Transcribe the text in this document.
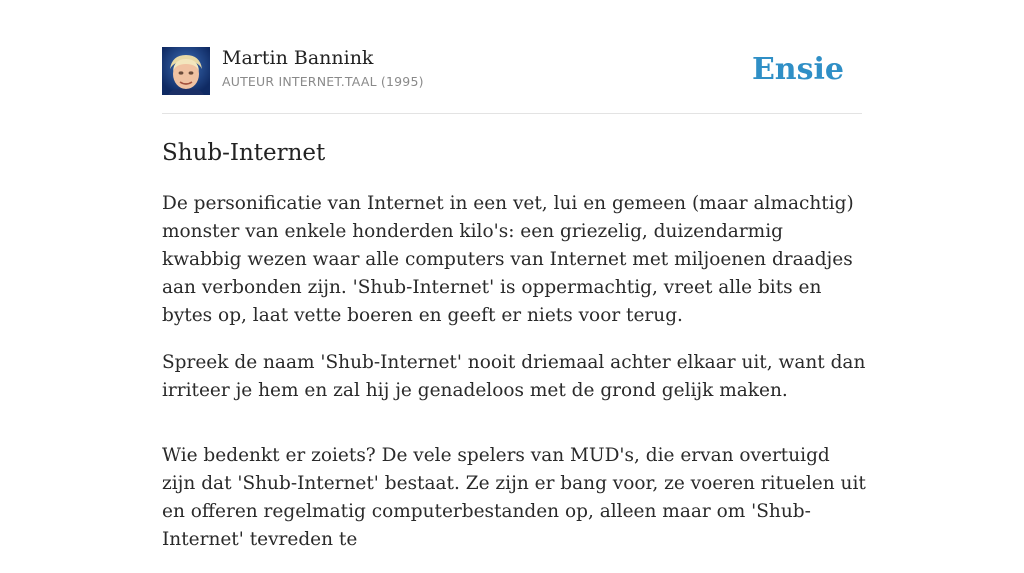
Martin Bannink
AUTEUR INTERNET.TAAL (1995)	Ensie
Shub-Internet

De personificatie van Internet in een vet, lui en gemeen (maar almachtig) monster van enkele honderden kilo's: een griezelig, duizendarmig kwabbig wezen waar alle computers van Internet met miljoenen draadjes aan verbonden zijn. 'Shub-Internet' is oppermachtig, vreet alle bits en bytes op, laat vette boeren en geeft er niets voor terug.

Spreek de naam 'Shub-Internet' nooit driemaal achter elkaar uit, want dan irriteer je hem en zal hij je genadeloos met de grond gelijk maken.

Wie bedenkt er zoiets? De vele spelers van MUD's, die ervan overtuigd zijn dat 'Shub-Internet' bestaat. Ze zijn er bang voor, ze voeren rituelen uit en offeren regelmatig computerbestanden op, alleen maar om 'Shub-Internet' tevreden te
